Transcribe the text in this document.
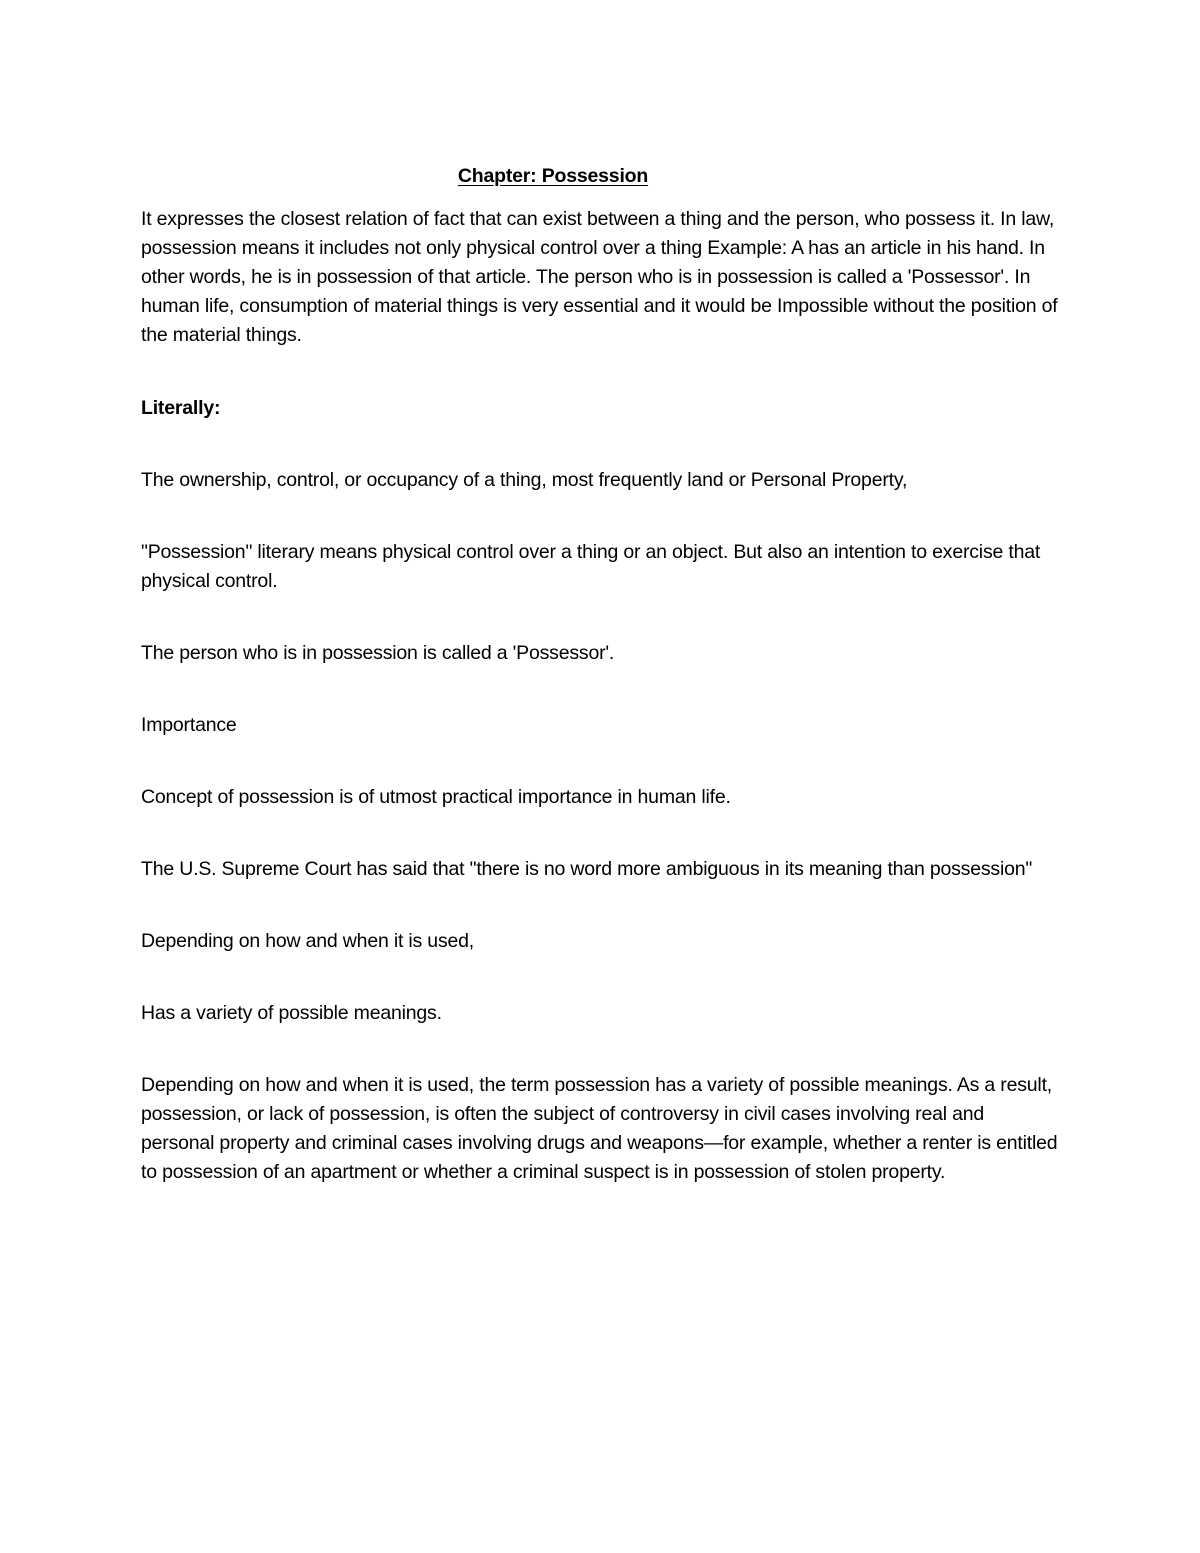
Chapter: Possession

It expresses the closest relation of fact that can exist between a thing and the person, who possess it. In law, possession means it includes not only physical control over a thing Example: A has an article in his hand. In other words, he is in possession of that article. The person who is in possession is called a 'Possessor'. In human life, consumption of material things is very essential and it would be Impossible without the position of the material things.

Literally:

The ownership, control, or occupancy of a thing, most frequently land or Personal Property,

"Possession" literary means physical control over a thing or an object. But also an intention to exercise that physical control.

The person who is in possession is called a 'Possessor'.

Importance

Concept of possession is of utmost practical importance in human life.

The U.S. Supreme Court has said that "there is no word more ambiguous in its meaning than possession"

Depending on how and when it is used,

Has a variety of possible meanings.

Depending on how and when it is used, the term possession has a variety of possible meanings. As a result, possession, or lack of possession, is often the subject of controversy in civil cases involving real and personal property and criminal cases involving drugs and weapons—for example, whether a renter is entitled to possession of an apartment or whether a criminal suspect is in possession of stolen property.
